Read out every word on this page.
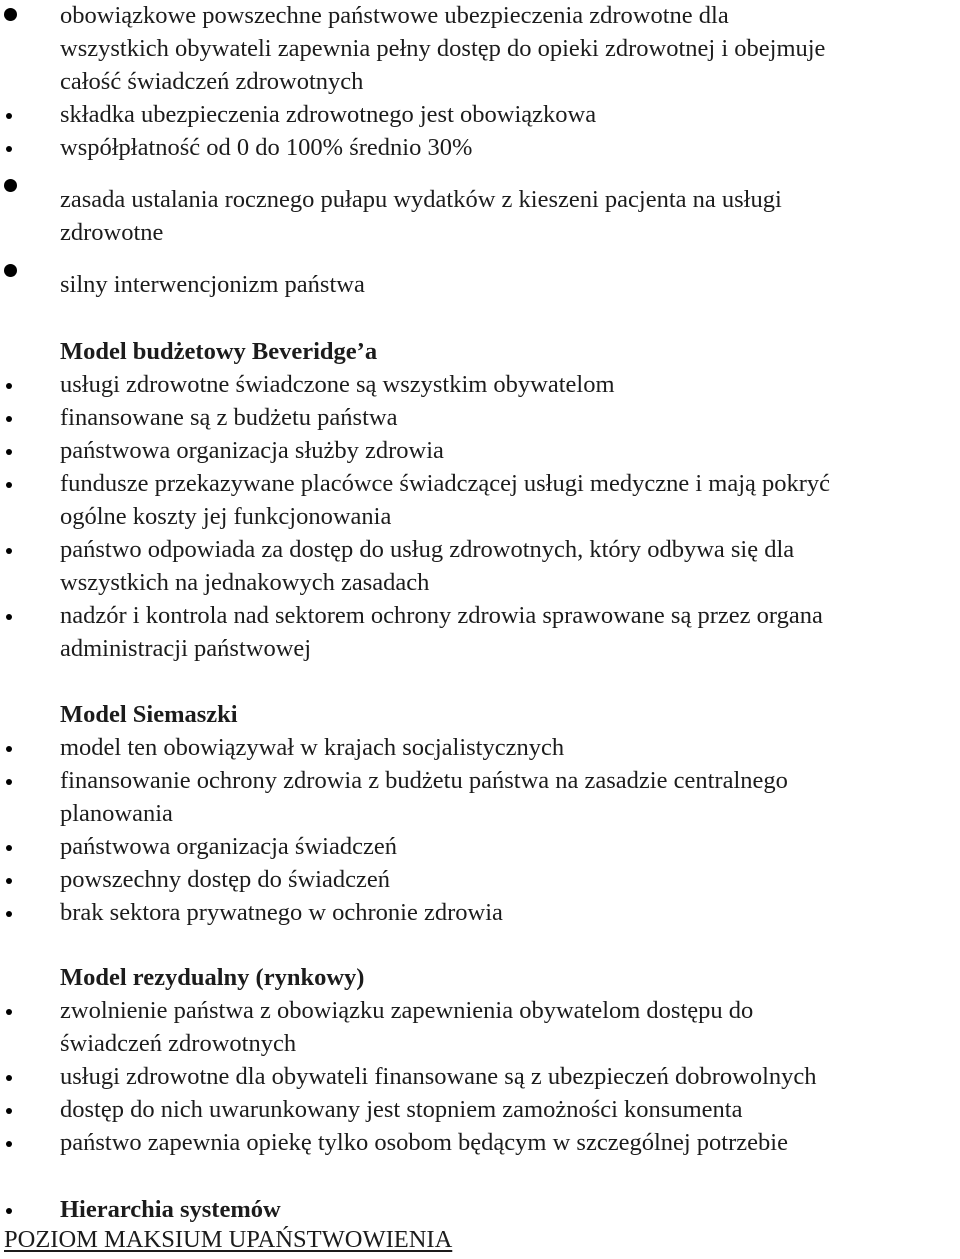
obowiązkowe powszechne państwowe ubezpieczenia zdrowotne dla
wszystkich obywateli zapewnia pełny dostęp do opieki zdrowotnej i obejmuje
całość świadczeń zdrowotnych
składka ubezpieczenia zdrowotnego jest obowiązkowa
współpłatność od 0 do 100% średnio 30%
zasada ustalania rocznego pułapu wydatków z kieszeni pacjenta na usługi
zdrowotne
silny interwencjonizm państwa
Model budżetowy Beveridge’a
usługi zdrowotne świadczone są wszystkim obywatelom
finansowane są z budżetu państwa
państwowa organizacja służby zdrowia
fundusze przekazywane placówce świadczącej usługi medyczne i mają pokryć
ogólne koszty jej funkcjonowania
państwo odpowiada za dostęp do usług zdrowotnych, który odbywa się dla
wszystkich na jednakowych zasadach
nadzór i kontrola nad sektorem ochrony zdrowia sprawowane są przez organa
administracji państwowej
Model Siemaszki
model ten obowiązywał w krajach socjalistycznych
finansowanie ochrony zdrowia z budżetu państwa na zasadzie centralnego
planowania
państwowa organizacja świadczeń
powszechny dostęp do świadczeń
brak sektora prywatnego w ochronie zdrowia
Model rezydualny (rynkowy)
zwolnienie państwa z obowiązku zapewnienia obywatelom dostępu do
świadczeń zdrowotnych
usługi zdrowotne dla obywateli finansowane są z ubezpieczeń dobrowolnych
dostęp do nich uwarunkowany jest stopniem zamożności konsumenta
państwo zapewnia opiekę tylko osobom będącym w szczególnej potrzebie
Hierarchia systemów
POZIOM MAKSIUM UPAŃSTWOWIENIA
